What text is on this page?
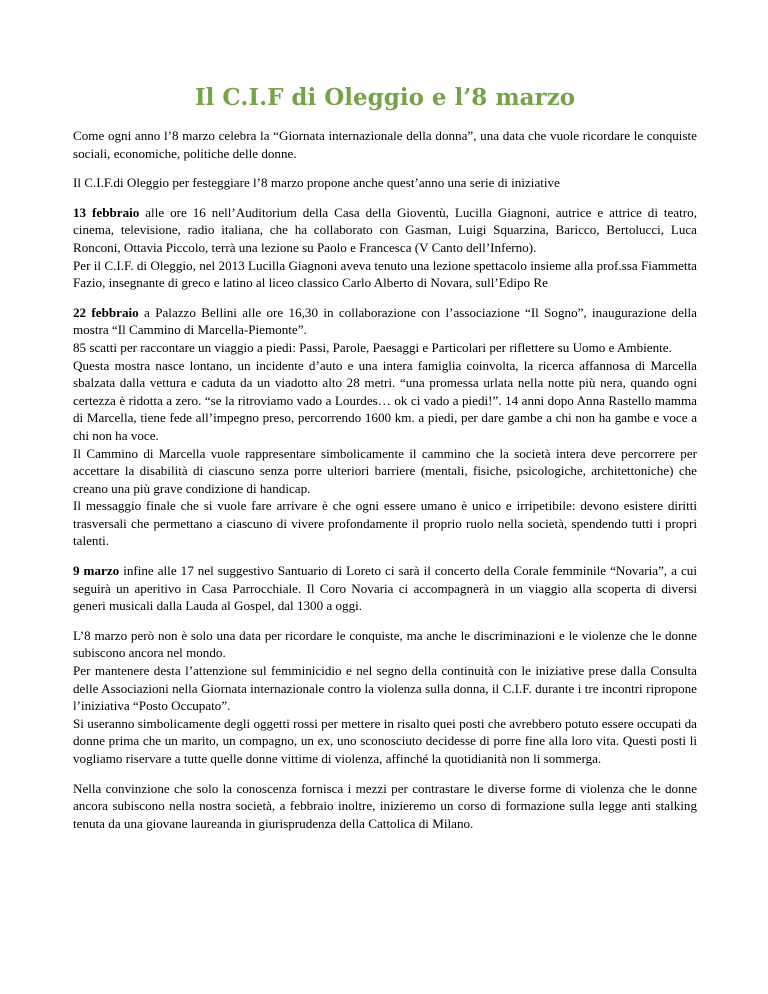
Il C.I.F di Oleggio e l’8 marzo

Come ogni anno l’8 marzo celebra la “Giornata internazionale della donna”, una data che vuole ricordare le conquiste sociali, economiche, politiche delle donne.

Il C.I.F.di Oleggio per festeggiare l’8 marzo propone anche quest’anno una serie di iniziative

13 febbraio alle ore 16 nell’Auditorium della Casa della Gioventù, Lucilla Giagnoni, autrice e attrice di teatro, cinema, televisione, radio italiana, che ha collaborato con Gasman, Luigi Squarzina, Baricco, Bertolucci, Luca Ronconi, Ottavia Piccolo, terrà una lezione su Paolo e Francesca (V Canto dell’Inferno).
Per il C.I.F. di Oleggio, nel 2013 Lucilla Giagnoni aveva tenuto una lezione spettacolo insieme alla prof.ssa Fiammetta Fazio, insegnante di greco e latino al liceo classico Carlo Alberto di Novara, sull’Edipo Re

22 febbraio a Palazzo Bellini alle ore 16,30 in collaborazione con l’associazione “Il Sogno”, inaugurazione della mostra “Il Cammino di Marcella-Piemonte”.
85 scatti per raccontare un viaggio a piedi: Passi, Parole, Paesaggi e Particolari per riflettere su Uomo e Ambiente.
Questa mostra nasce lontano, un incidente d’auto e una intera famiglia coinvolta, la ricerca affannosa di Marcella sbalzata dalla vettura e caduta da un viadotto alto 28 metri. “una promessa urlata nella notte più nera, quando ogni certezza è ridotta a zero. “se la ritroviamo vado a Lourdes… ok ci vado a piedi!”. 14 anni dopo Anna Rastello mamma di Marcella, tiene fede all’impegno preso, percorrendo 1600 km. a piedi, per dare gambe a chi non ha gambe e voce a chi non ha voce.
Il Cammino di Marcella vuole rappresentare simbolicamente il cammino che la società intera deve percorrere per accettare la disabilità di ciascuno senza porre ulteriori barriere (mentali, fisiche, psicologiche, architettoniche) che creano una più grave condizione di handicap.
Il messaggio finale che si vuole fare arrivare è che ogni essere umano è unico e irripetibile: devono esistere diritti trasversali che permettano a ciascuno di vivere profondamente il proprio ruolo nella società, spendendo tutti i propri talenti.

9 marzo infine alle 17 nel suggestivo Santuario di Loreto ci sarà il concerto della Corale femminile “Novaria”, a cui seguirà un aperitivo in Casa Parrocchiale. Il Coro Novaria ci accompagnerà in un viaggio alla scoperta di diversi generi musicali dalla Lauda al Gospel, dal 1300 a oggi.

L’8 marzo però non è solo una data per ricordare le conquiste, ma anche le discriminazioni e le violenze che le donne subiscono ancora nel mondo.
Per mantenere desta l’attenzione sul femminicidio e nel segno della continuità con le iniziative prese dalla Consulta delle Associazioni nella Giornata internazionale contro la violenza sulla donna, il C.I.F. durante i tre incontri ripropone l’iniziativa “Posto Occupato”.
Si useranno simbolicamente degli oggetti rossi per mettere in risalto quei posti che avrebbero potuto essere occupati da donne prima che un marito, un compagno, un ex, uno sconosciuto decidesse di porre fine alla loro vita. Questi posti li vogliamo riservare a tutte quelle donne vittime di violenza, affinché la quotidianità non li sommerga.

Nella convinzione che solo la conoscenza fornisca i mezzi per contrastare le diverse forme di violenza che le donne ancora subiscono nella nostra società, a febbraio inoltre, inizieremo un corso di formazione sulla legge anti stalking tenuta da una giovane laureanda in giurisprudenza della Cattolica di Milano.
